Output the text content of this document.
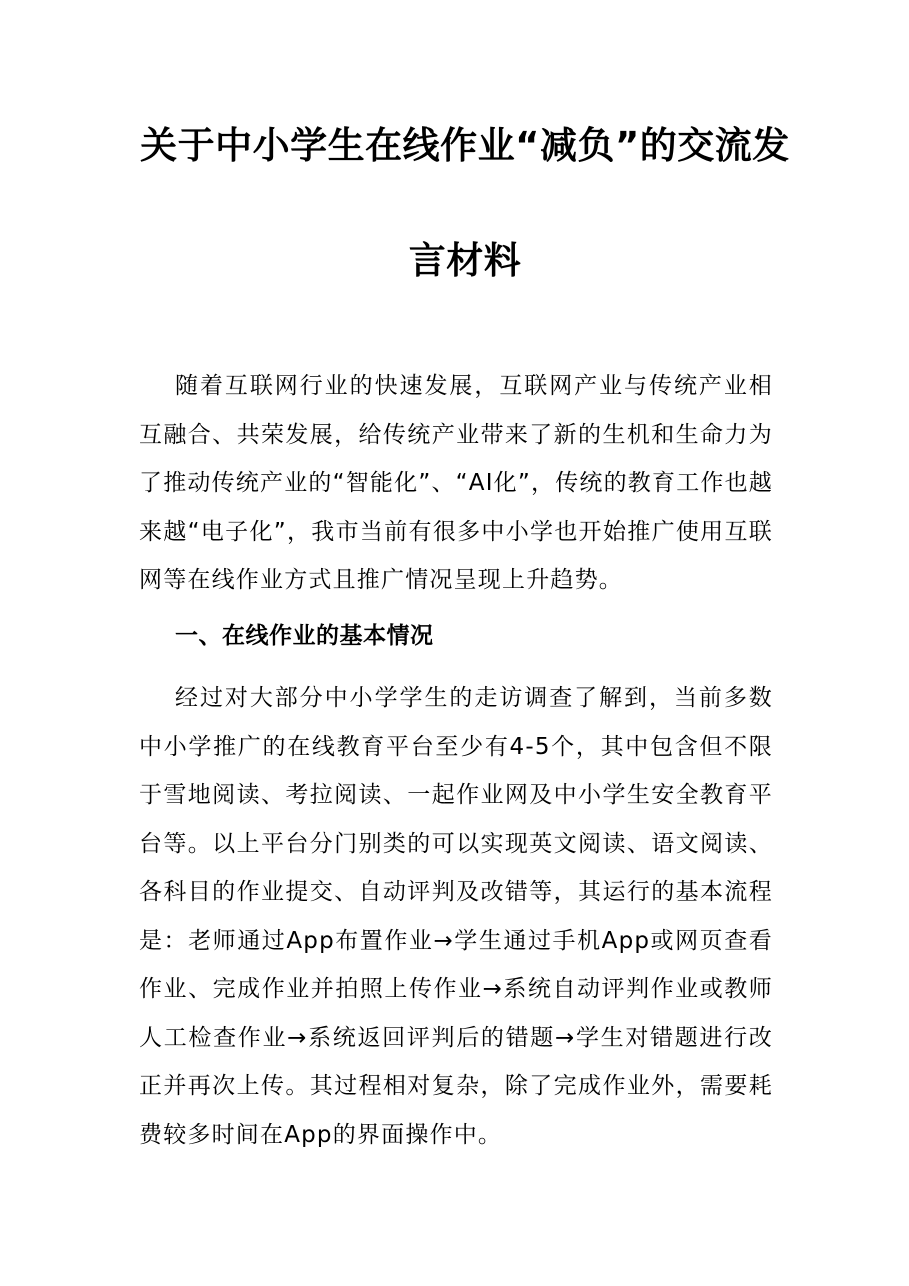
关于中小学生在线作业“减负”的交流发
言材料

随着互联网行业的快速发展，互联网产业与传统产业相互融合、共荣发展，给传统产业带来了新的生机和生命力为了推动传统产业的“智能化”、“AI化”，传统的教育工作也越来越“电子化”，我市当前有很多中小学也开始推广使用互联网等在线作业方式且推广情况呈现上升趋势。

一、在线作业的基本情况

经过对大部分中小学学生的走访调查了解到，当前多数中小学推广的在线教育平台至少有4-5个，其中包含但不限于雪地阅读、考拉阅读、一起作业网及中小学生安全教育平台等。以上平台分门别类的可以实现英文阅读、语文阅读、各科目的作业提交、自动评判及改错等，其运行的基本流程是：老师通过App布置作业→学生通过手机App或网页查看作业、完成作业并拍照上传作业→系统自动评判作业或教师人工检查作业→系统返回评判后的错题→学生对错题进行改正并再次上传。其过程相对复杂，除了完成作业外，需要耗费较多时间在App的界面操作中。
